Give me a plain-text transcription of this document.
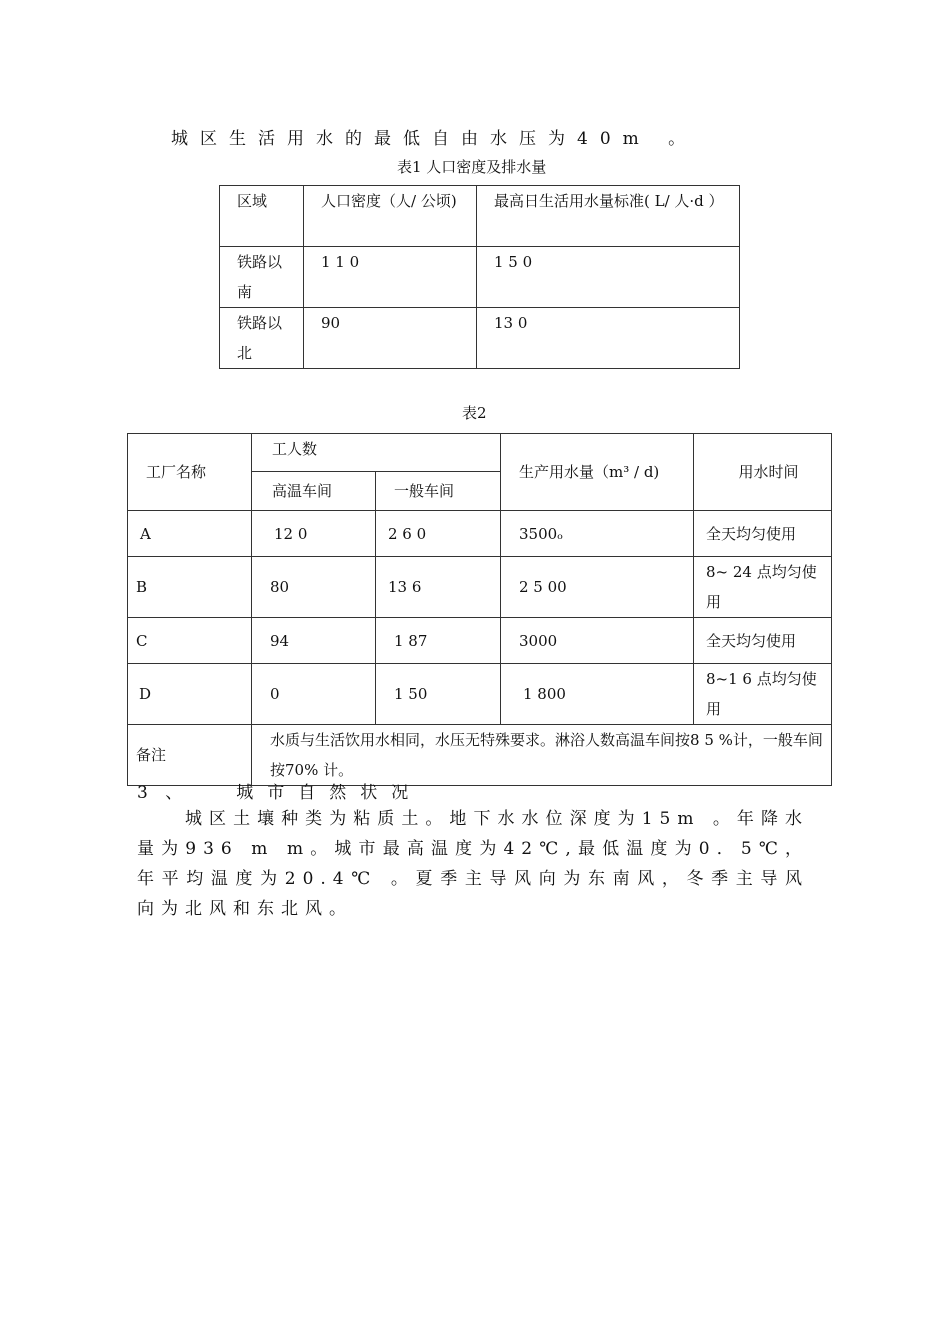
城区生活用水的最低自由水压为40m 。
表1 人口密度及排水量
区域	人口密度（人/ 公顷)	最高日生活用水量标准( L/ 人·d ）
铁路以南	1 1 0	1 5 0
铁路以北	90	13 0
表2
工厂名称	工人数		生产用水量（m³ / d)	用水时间
	高温车间	一般车间		
A	12 0	2 6 0	3500ₒ	全天均匀使用
B	80	13 6	2 5 00	8~ 24 点均匀使用
C	94	1 87	3000	全天均匀使用
D	0	1 50	1 800	8~1 6 点均匀使用
备注	水质与生活饮用水相同，水压无特殊要求。淋浴人数高温车间按8 5 %计，一般车间按70% 计。			
3 、	城市自然状况
城区土壤种类为粘质土。地下水水位深度为15m 。年降水量为936 m m。城市最高温度为42℃,最低温度为0．5℃，年平均温度为20.4℃ 。夏季主导风向为东南风，冬季主导风向为北风和东北风。
